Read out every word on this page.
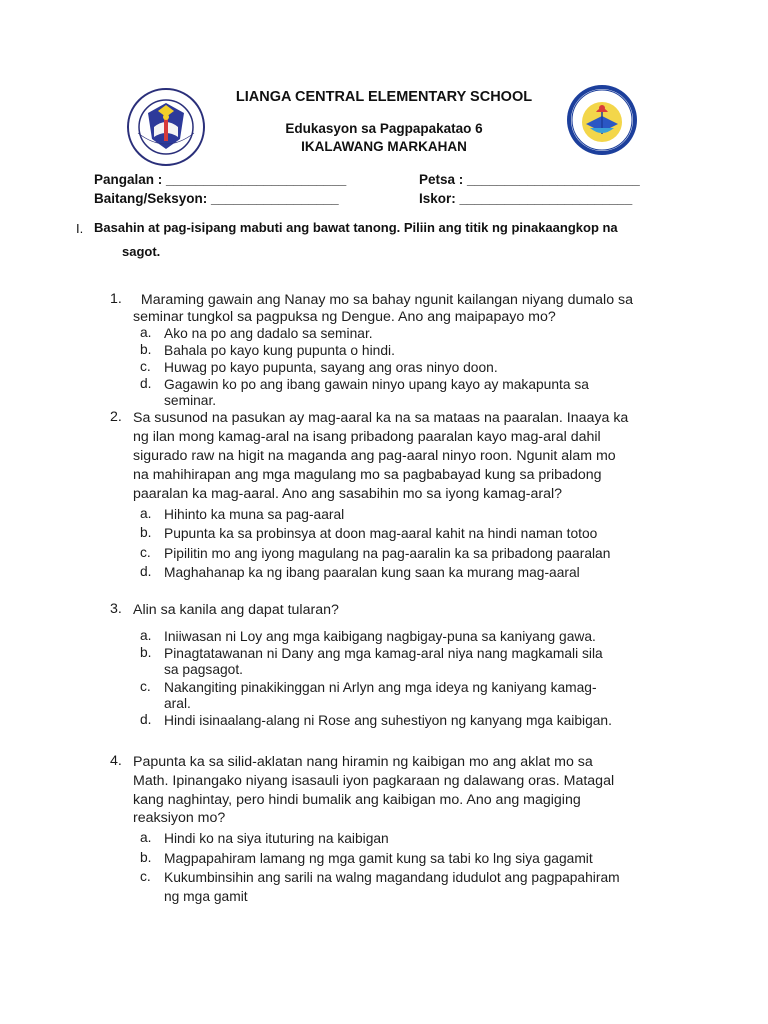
LIANGA CENTRAL ELEMENTARY SCHOOL
Edukasyon sa Pagpapakatao 6
IKALAWANG MARKAHAN
Pangalan : ________________________	Petsa : _______________________
Baitang/Seksyon: _________________	Iskor: _______________________
I. Basahin at pag-isipang mabuti ang bawat tanong. Piliin ang titik ng pinakaangkop na
sagot.
1. Maraming gawain ang Nanay mo sa bahay ngunit kailangan niyang dumalo sa
seminar tungkol sa pagpuksa ng Dengue. Ano ang maipapayo mo?
a. Ako na po ang dadalo sa seminar.
b. Bahala po kayo kung pupunta o hindi.
c. Huwag po kayo pupunta, sayang ang oras ninyo doon.
d. Gagawin ko po ang ibang gawain ninyo upang kayo ay makapunta sa
seminar.
2. Sa susunod na pasukan ay mag-aaral ka na sa mataas na paaralan. Inaaya ka
ng ilan mong kamag-aral na isang pribadong paaralan kayo mag-aral dahil
sigurado raw na higit na maganda ang pag-aaral ninyo roon. Ngunit alam mo
na mahihirapan ang mga magulang mo sa pagbabayad kung sa pribadong
paaralan ka mag-aaral. Ano ang sasabihin mo sa iyong kamag-aral?
a. Hihinto ka muna sa pag-aaral
b. Pupunta ka sa probinsya at doon mag-aaral kahit na hindi naman totoo
c. Pipilitin mo ang iyong magulang na pag-aaralin ka sa pribadong paaralan
d. Maghahanap ka ng ibang paaralan kung saan ka murang mag-aaral
3. Alin sa kanila ang dapat tularan?
a. Iniiwasan ni Loy ang mga kaibigang nagbigay-puna sa kaniyang gawa.
b. Pinagtatawanan ni Dany ang mga kamag-aral niya nang magkamali sila
sa pagsagot.
c. Nakangiting pinakikinggan ni Arlyn ang mga ideya ng kaniyang kamag-
aral.
d. Hindi isinaalang-alang ni Rose ang suhestiyon ng kanyang mga kaibigan.
4. Papunta ka sa silid-aklatan nang hiramin ng kaibigan mo ang aklat mo sa
Math. Ipinangako niyang isasauli iyon pagkaraan ng dalawang oras. Matagal
kang naghintay, pero hindi bumalik ang kaibigan mo. Ano ang magiging
reaksiyon mo?
a. Hindi ko na siya ituturing na kaibigan
b. Magpapahiram lamang ng mga gamit kung sa tabi ko lng siya gagamit
c. Kukumbinsihin ang sarili na walng magandang idudulot ang pagpapahiram
ng mga gamit
